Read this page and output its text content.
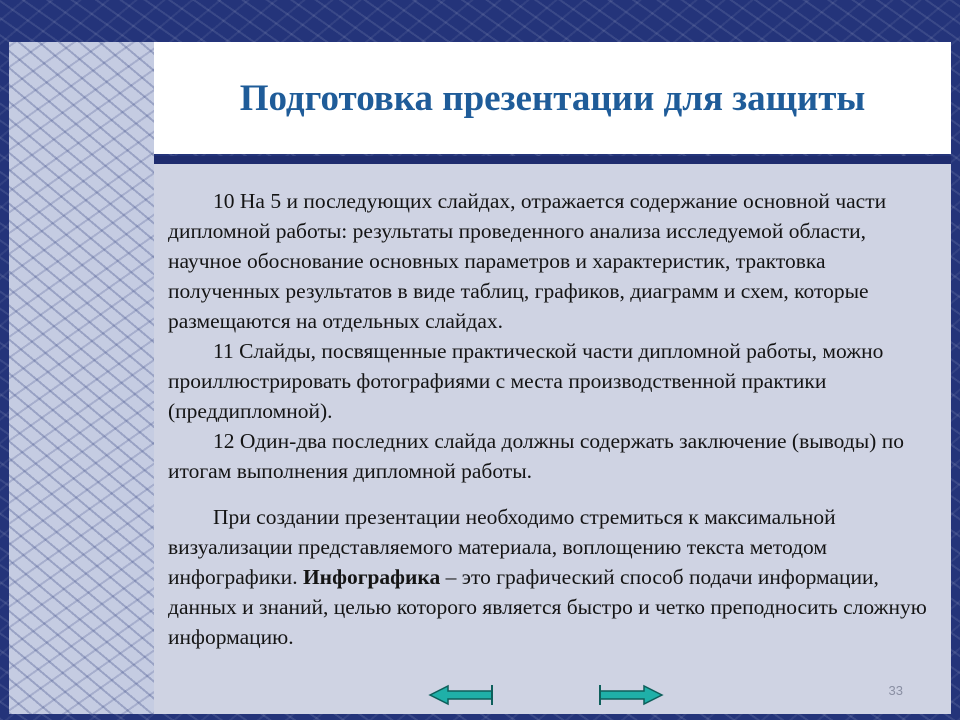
Подготовка презентации для защиты

10 На 5 и последующих слайдах, отражается содержание основной части дипломной работы: результаты проведенного анализа исследуемой области, научное обоснование основных параметров и характеристик, трактовка полученных результатов в виде таблиц, графиков, диаграмм и схем, которые размещаются на отдельных слайдах.

11 Слайды, посвященные практической части дипломной работы, можно проиллюстрировать фотографиями с места производственной практики (преддипломной).

12 Один-два последних слайда должны содержать заключение (выводы) по итогам выполнения дипломной работы.

При создании презентации необходимо стремиться к максимальной визуализации представляемого материала, воплощению текста методом инфографики. Инфографика – это графический способ подачи информации, данных и знаний, целью которого является быстро и четко преподносить сложную информацию.

33
